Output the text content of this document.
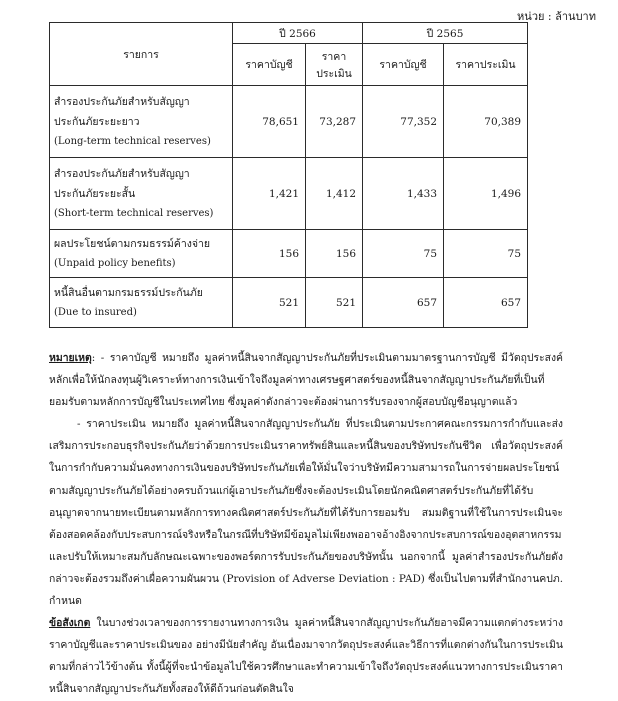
หน่วย : ล้านบาท
รายการ	ปี 2566		ปี 2565	
	ราคาบัญชี	ราคาประเมิน	ราคาบัญชี	ราคาประเมิน

สำรองประกันภัยสำหรับสัญญา
ประกันภัยระยะยาว
(Long-term technical reserves)	78,651	73,287	77,352	70,389

สำรองประกันภัยสำหรับสัญญา
ประกันภัยระยะสั้น
(Short-term technical reserves)	1,421	1,412	1,433	1,496

ผลประโยชน์ตามกรมธรรม์ค้างจ่าย
(Unpaid policy benefits)	156	156	75	75

หนี้สินอื่นตามกรมธรรม์ประกันภัย
(Due to insured)	521	521	657	657

หมายเหตุ: - ราคาบัญชี หมายถึง มูลค่าหนี้สินจากสัญญาประกันภัยที่ประเมินตามมาตรฐานการบัญชี มีวัตถุประสงค์หลักเพื่อให้นักลงทุนผู้วิเคราะห์ทางการเงินเข้าใจถึงมูลค่าทางเศรษฐศาสตร์ของหนี้สินจากสัญญาประกันภัยที่เป็นที่ยอมรับตามหลักการบัญชีในประเทศไทย ซึ่งมูลค่าดังกล่าวจะต้องผ่านการรับรองจากผู้สอบบัญชีอนุญาตแล้ว

- ราคาประเมิน หมายถึง มูลค่าหนี้สินจากสัญญาประกันภัย ที่ประเมินตามประกาศคณะกรรมการกำกับและส่งเสริมการประกอบธุรกิจประกันภัยว่าด้วยการประเมินราคาทรัพย์สินและหนี้สินของบริษัทประกันชีวิต เพื่อวัตถุประสงค์ในการกำกับความมั่นคงทางการเงินของบริษัทประกันภัยเพื่อให้มั่นใจว่าบริษัทมีความสามารถในการจ่ายผลประโยชน์ตามสัญญาประกันภัยได้อย่างครบถ้วนแก่ผู้เอาประกันภัยซึ่งจะต้องประเมินโดยนักคณิตศาสตร์ประกันภัยที่ได้รับอนุญาตจากนายทะเบียนตามหลักการทางคณิตศาสตร์ประกันภัยที่ได้รับการยอมรับ สมมติฐานที่ใช้ในการประเมินจะต้องสอดคล้องกับประสบการณ์จริงหรือในกรณีที่บริษัทมีข้อมูลไม่เพียงพออาจอ้างอิงจากประสบการณ์ของอุตสาหกรรมและปรับให้เหมาะสมกับลักษณะเฉพาะของพอร์ตการรับประกันภัยของบริษัทนั้น นอกจากนี้ มูลค่าสำรองประกันภัยดังกล่าวจะต้องรวมถึงค่าเผื่อความผันผวน (Provision of Adverse Deviation : PAD) ซึ่งเป็นไปตามที่สำนักงานคปภ. กำหนด

ข้อสังเกต ในบางช่วงเวลาของการรายงานทางการเงิน มูลค่าหนี้สินจากสัญญาประกันภัยอาจมีความแตกต่างระหว่าง ราคาบัญชีและราคาประเมินของ อย่างมีนัยสำคัญ อันเนื่องมาจากวัตถุประสงค์และวิธีการที่แตกต่างกันในการประเมิน ตามที่กล่าวไว้ข้างต้น ทั้งนี้ผู้ที่จะนำข้อมูลไปใช้ควรศึกษาและทำความเข้าใจถึงวัตถุประสงค์แนวทางการประเมินราคา หนี้สินจากสัญญาประกันภัยทั้งสองให้ดีถ้วนก่อนตัดสินใจ
